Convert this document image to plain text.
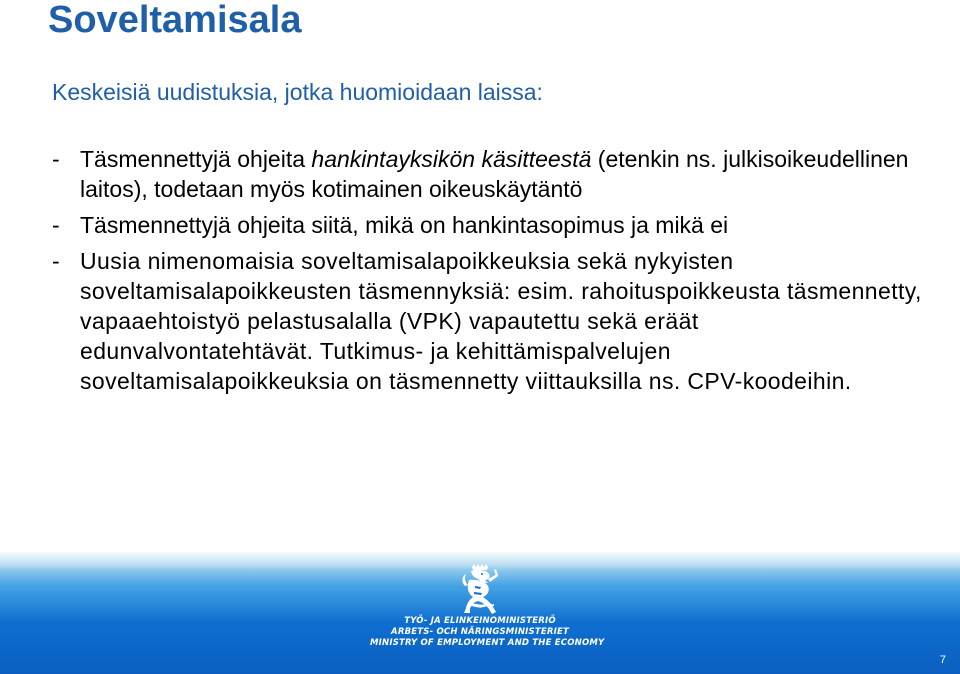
Soveltamisala

Keskeisiä uudistuksia, jotka huomioidaan laissa:

- Täsmennettyjä ohjeita hankintayksikön käsitteestä (etenkin ns. julkisoikeudellinen laitos), todetaan myös kotimainen oikeuskäytäntö
- Täsmennettyjä ohjeita siitä, mikä on hankintasopimus ja mikä ei
- Uusia nimenomaisia soveltamisalapoikkeuksia sekä nykyisten soveltamisalapoikkeusten täsmennyksiä: esim. rahoituspoikkeusta täsmennetty, vapaaehtoistyö pelastusalalla (VPK) vapautettu sekä eräät edunvalvontatehtävät. Tutkimus- ja kehittämispalvelujen soveltamisalapoikkeuksia on täsmennetty viittauksilla ns. CPV-koodeihin.
TYÖ- JA ELINKEINOMINISTERIÖ
ARBETS- OCH NÄRINGSMINISTERIET
MINISTRY OF EMPLOYMENT AND THE ECONOMY
7
